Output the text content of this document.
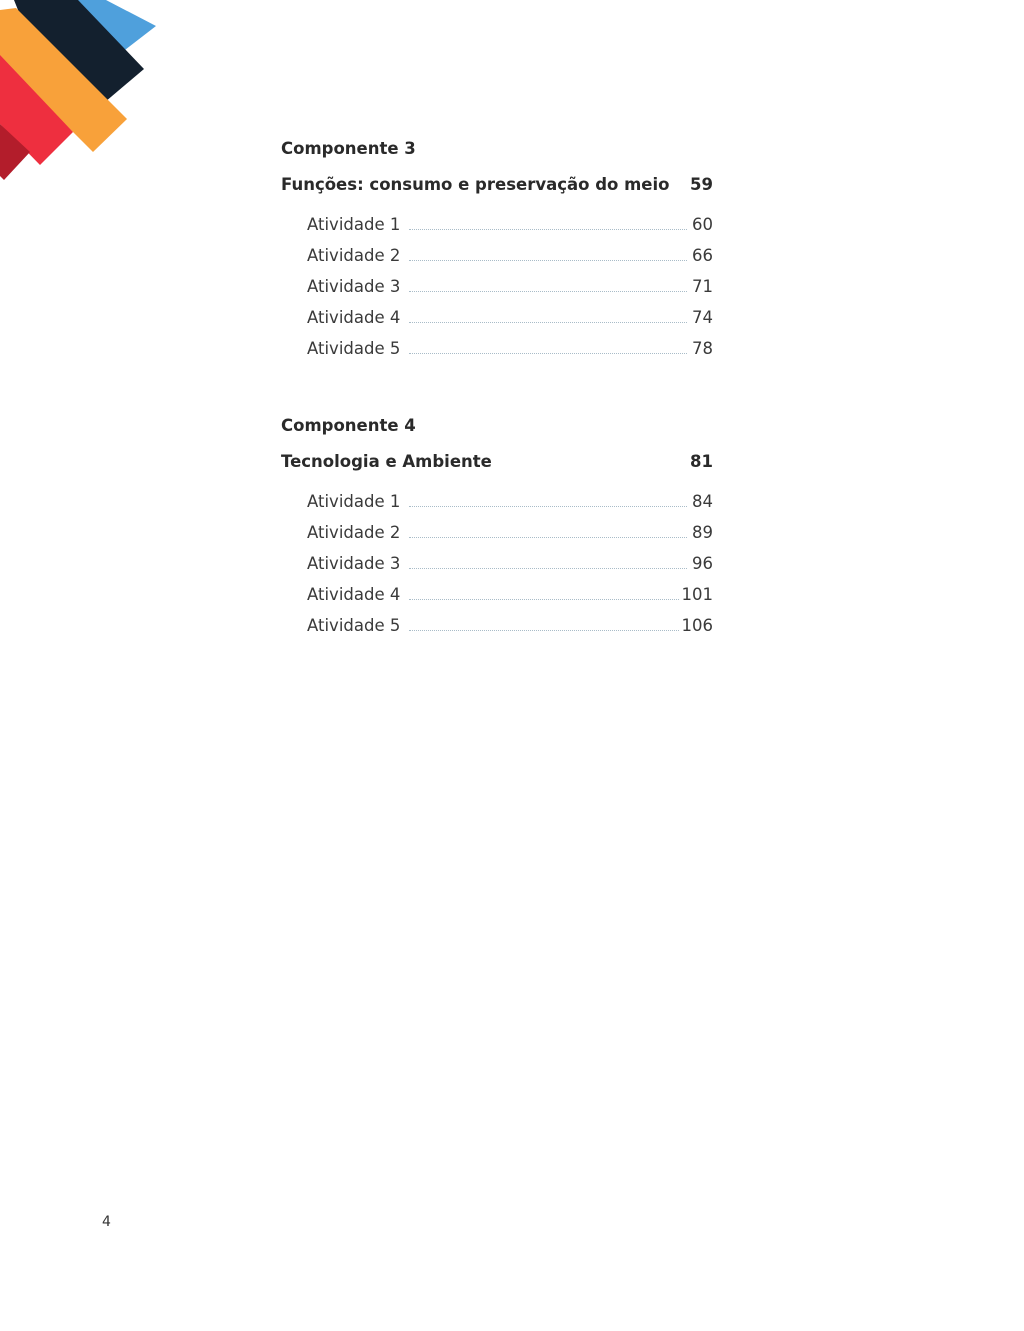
Componente 3
Funções: consumo e preservação do meio 59
Atividade 1	60
Atividade 2	66
Atividade 3	71
Atividade 4	74
Atividade 5	78
Componente 4
Tecnologia e Ambiente	81
Atividade 1	84
Atividade 2	89
Atividade 3	96
Atividade 4	101
Atividade 5	106
4
